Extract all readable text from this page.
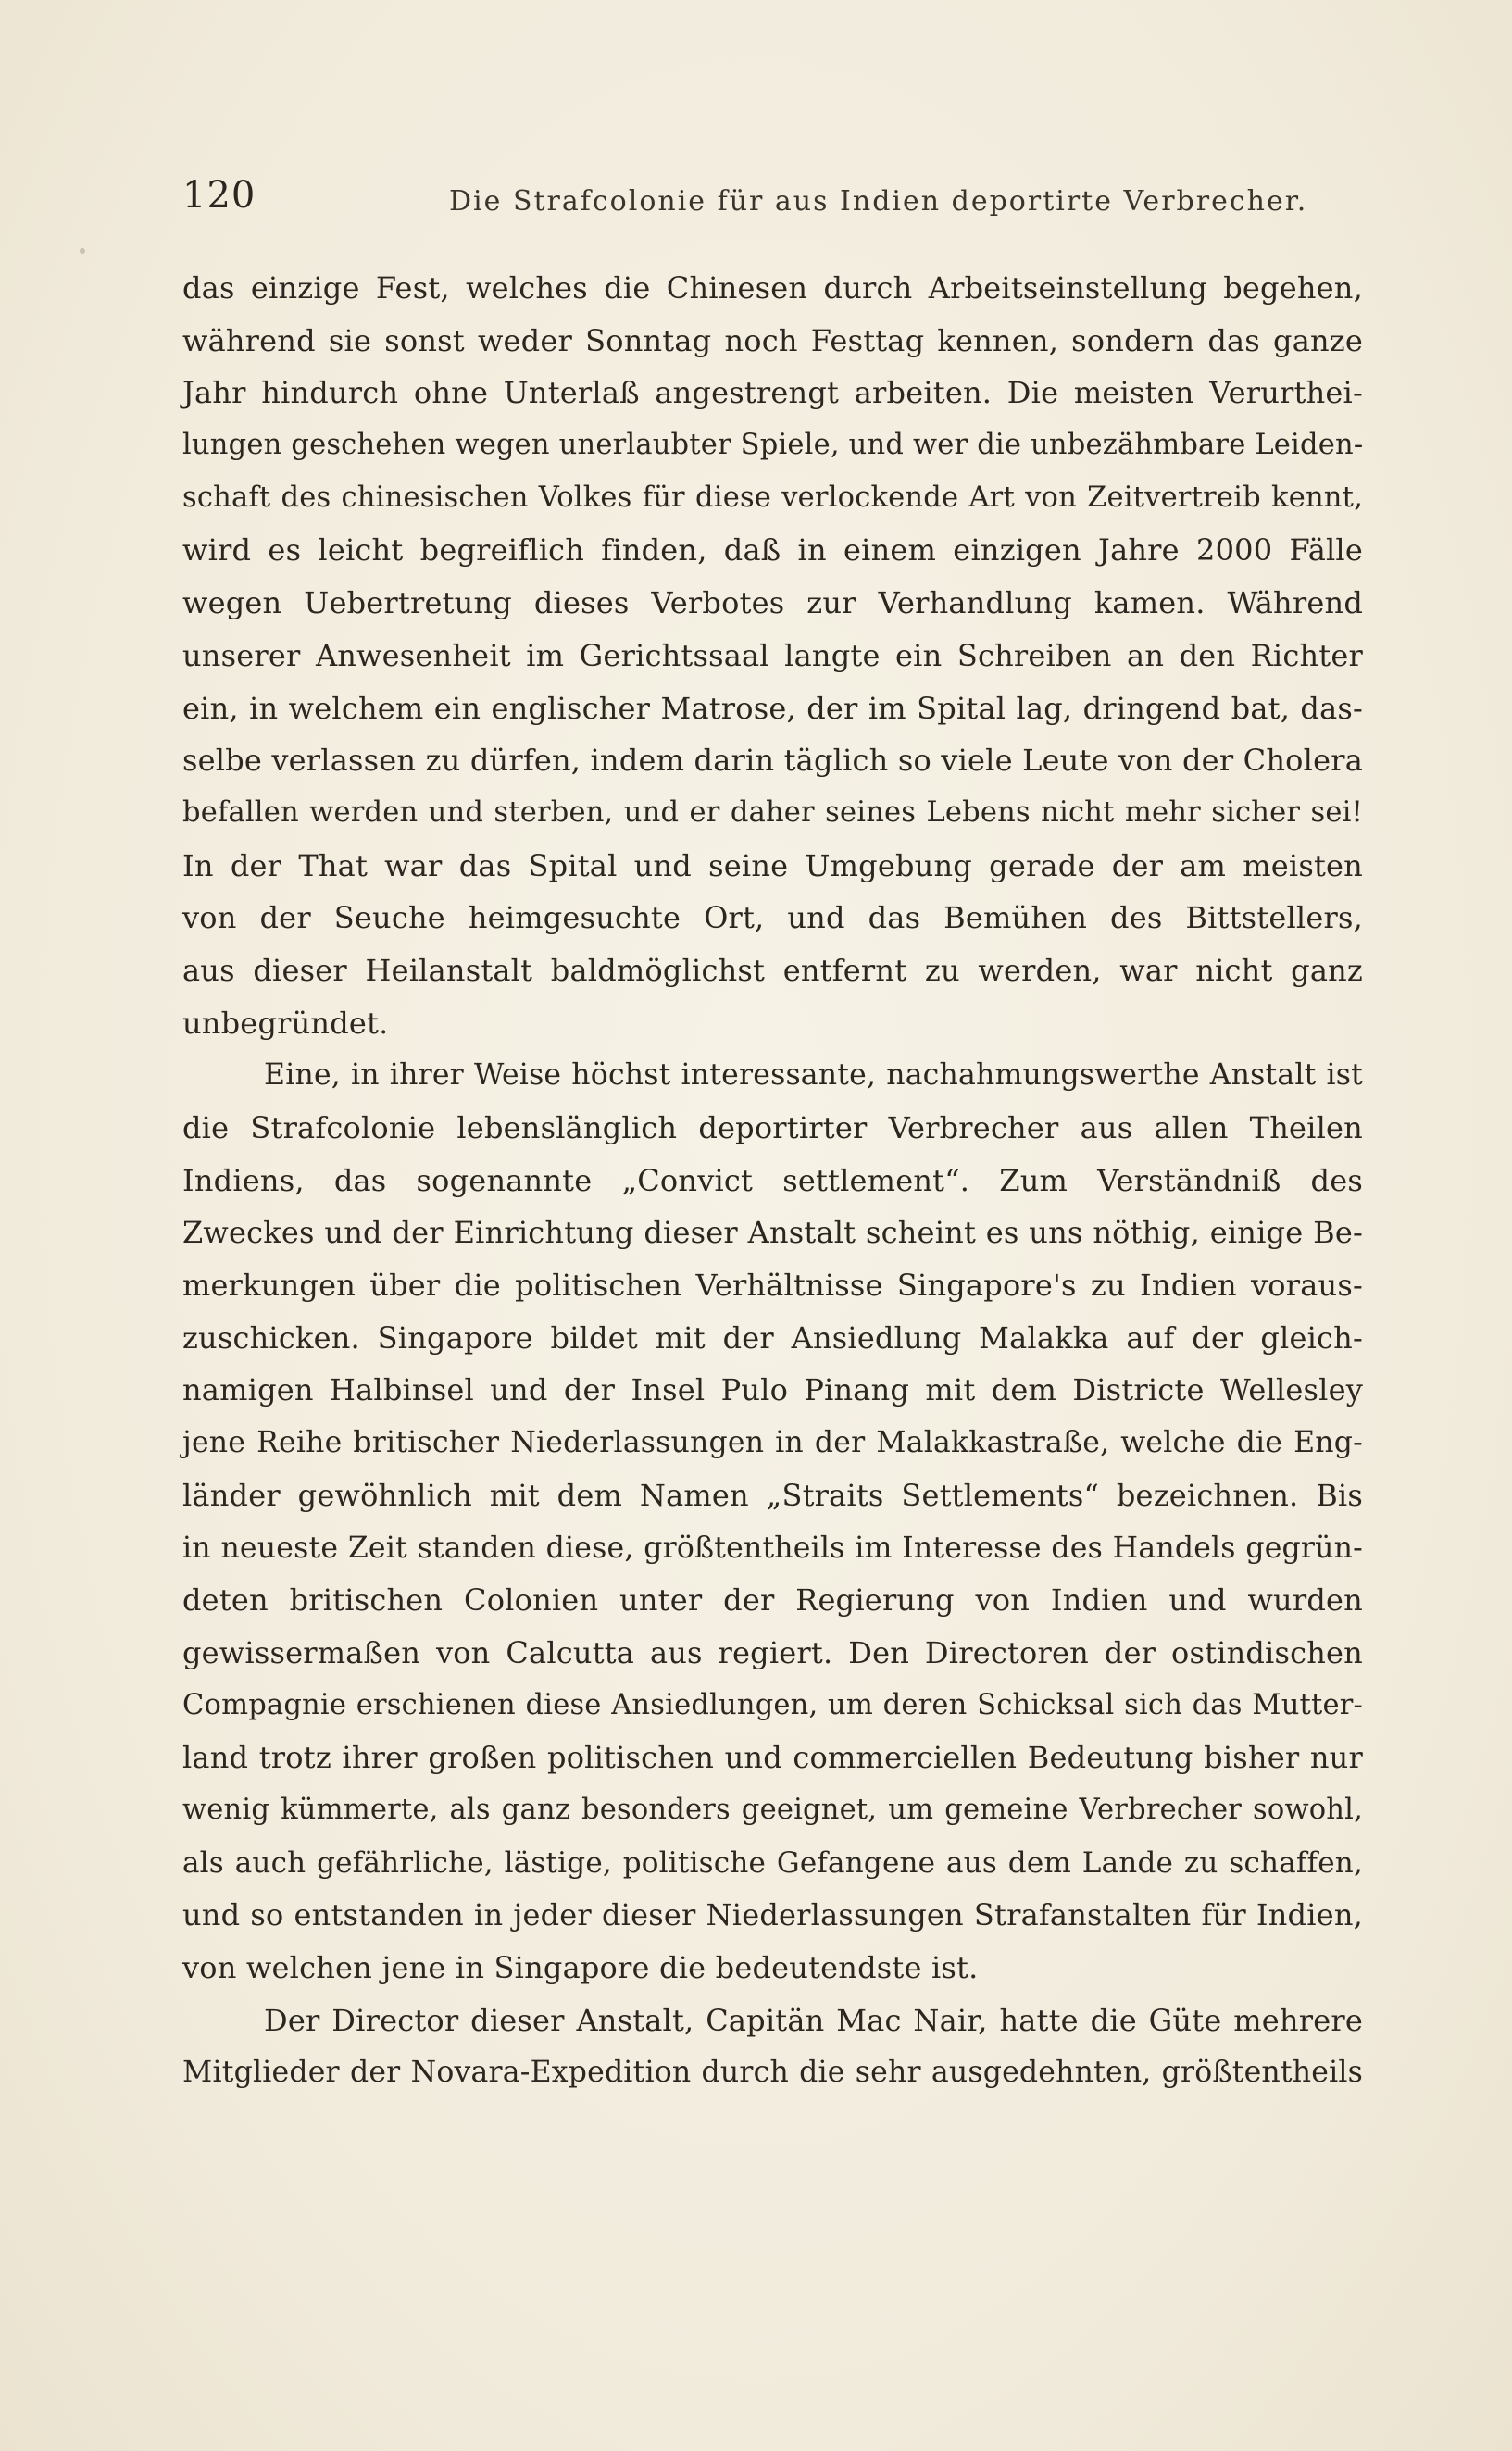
120	Die Strafcolonie für aus Indien deportirte Verbrecher.
das einzige Fest, welches die Chinesen durch Arbeitseinstellung begehen,
während sie sonst weder Sonntag noch Festtag kennen, sondern das ganze
Jahr hindurch ohne Unterlaß angestrengt arbeiten. Die meisten Verurthei-
lungen geschehen wegen unerlaubter Spiele, und wer die unbezähmbare Leiden-
schaft des chinesischen Volkes für diese verlockende Art von Zeitvertreib kennt,
wird es leicht begreiflich finden, daß in einem einzigen Jahre 2000 Fälle
wegen Uebertretung dieses Verbotes zur Verhandlung kamen. Während
unserer Anwesenheit im Gerichtssaal langte ein Schreiben an den Richter
ein, in welchem ein englischer Matrose, der im Spital lag, dringend bat, das-
selbe verlassen zu dürfen, indem darin täglich so viele Leute von der Cholera
befallen werden und sterben, und er daher seines Lebens nicht mehr sicher sei!
In der That war das Spital und seine Umgebung gerade der am meisten
von der Seuche heimgesuchte Ort, und das Bemühen des Bittstellers,
aus dieser Heilanstalt baldmöglichst entfernt zu werden, war nicht ganz
unbegründet.
Eine, in ihrer Weise höchst interessante, nachahmungswerthe Anstalt ist
die Strafcolonie lebenslänglich deportirter Verbrecher aus allen Theilen
Indiens, das sogenannte „Convict settlement“. Zum Verständniß des
Zweckes und der Einrichtung dieser Anstalt scheint es uns nöthig, einige Be-
merkungen über die politischen Verhältnisse Singapore's zu Indien voraus-
zuschicken. Singapore bildet mit der Ansiedlung Malakka auf der gleich-
namigen Halbinsel und der Insel Pulo Pinang mit dem Districte Wellesley
jene Reihe britischer Niederlassungen in der Malakkastraße, welche die Eng-
länder gewöhnlich mit dem Namen „Straits Settlements“ bezeichnen. Bis
in neueste Zeit standen diese, größtentheils im Interesse des Handels gegrün-
deten britischen Colonien unter der Regierung von Indien und wurden
gewissermaßen von Calcutta aus regiert. Den Directoren der ostindischen
Compagnie erschienen diese Ansiedlungen, um deren Schicksal sich das Mutter-
land trotz ihrer großen politischen und commerciellen Bedeutung bisher nur
wenig kümmerte, als ganz besonders geeignet, um gemeine Verbrecher sowohl,
als auch gefährliche, lästige, politische Gefangene aus dem Lande zu schaffen,
und so entstanden in jeder dieser Niederlassungen Strafanstalten für Indien,
von welchen jene in Singapore die bedeutendste ist.
Der Director dieser Anstalt, Capitän Mac Nair, hatte die Güte mehrere
Mitglieder der Novara-Expedition durch die sehr ausgedehnten, größtentheils
